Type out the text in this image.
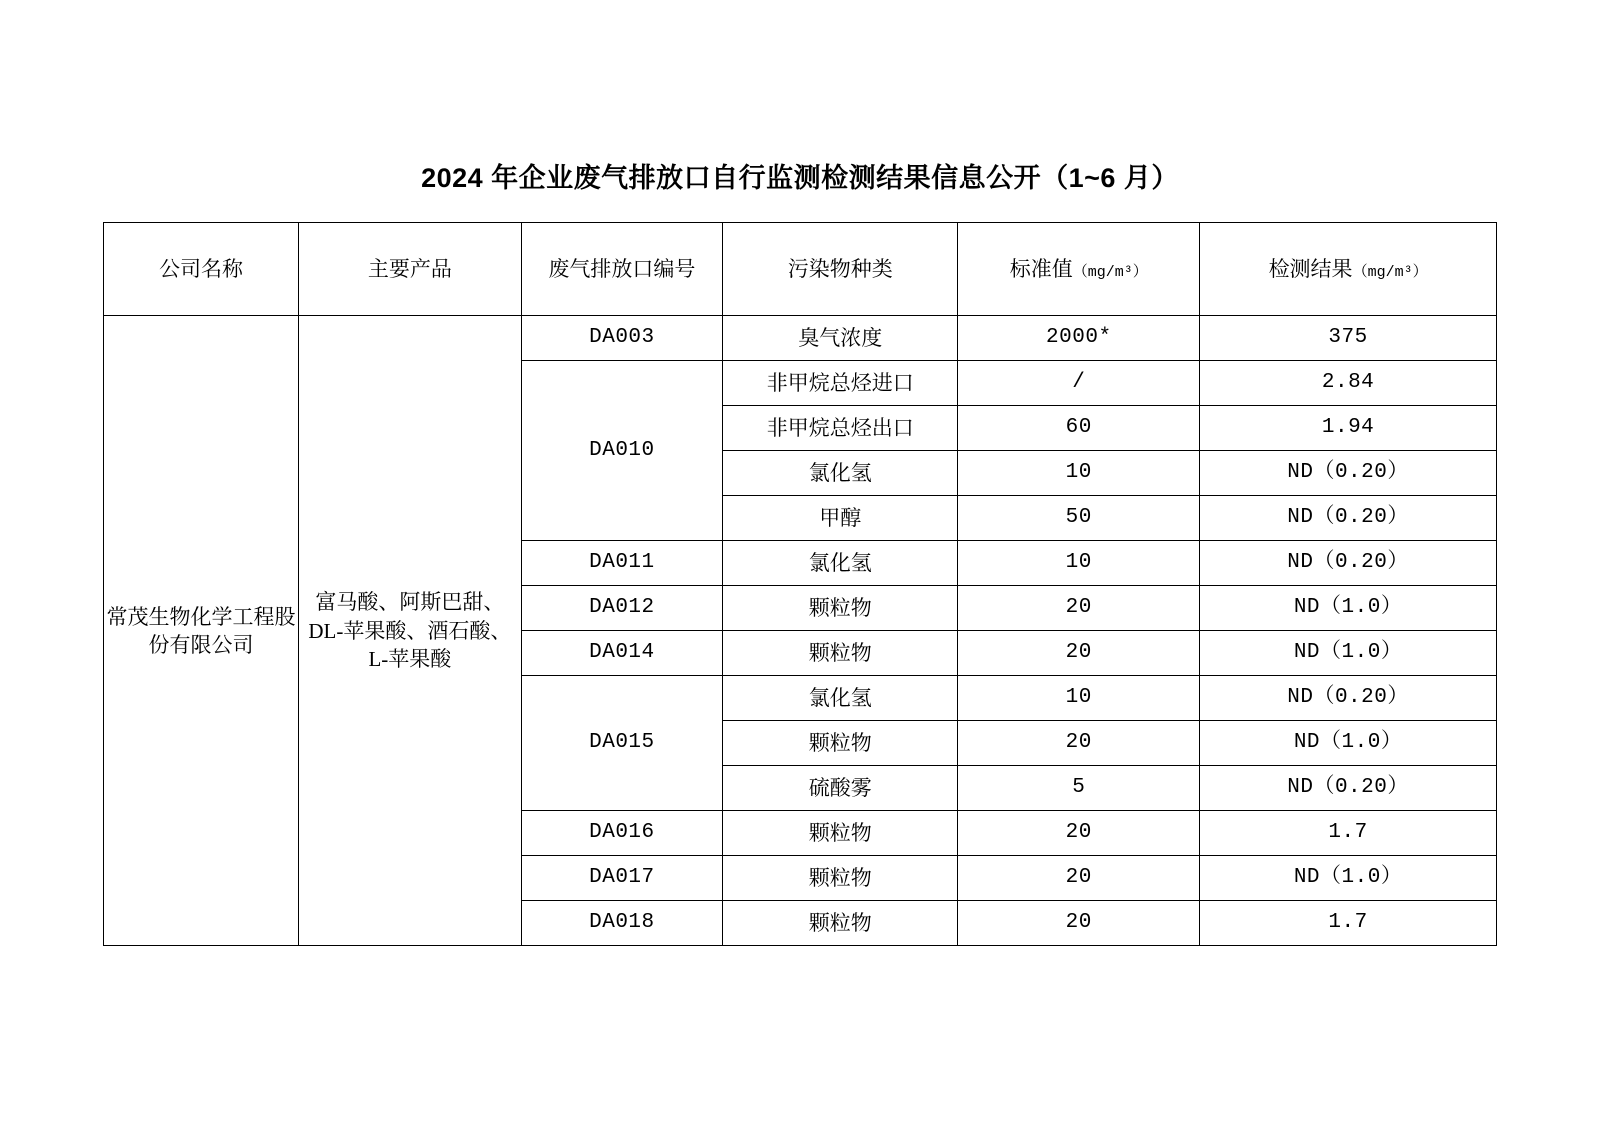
2024 年企业废气排放口自行监测检测结果信息公开（1~6 月）
公司名称	主要产品	废气排放口编号	污染物种类	标准值（mg/m³）	检测结果（mg/m³）
常茂生物化学工程股份有限公司	富马酸、阿斯巴甜、DL-苹果酸、酒石酸、L-苹果酸	DA003	臭气浓度	2000*	375
		DA010	非甲烷总烃进口	/	2.84
			非甲烷总烃出口	60	1.94
			氯化氢	10	ND（0.20）
			甲醇	50	ND（0.20）
		DA011	氯化氢	10	ND（0.20）
		DA012	颗粒物	20	ND（1.0）
		DA014	颗粒物	20	ND（1.0）
		DA015	氯化氢	10	ND（0.20）
			颗粒物	20	ND（1.0）
			硫酸雾	5	ND（0.20）
		DA016	颗粒物	20	1.7
		DA017	颗粒物	20	ND（1.0）
		DA018	颗粒物	20	1.7
